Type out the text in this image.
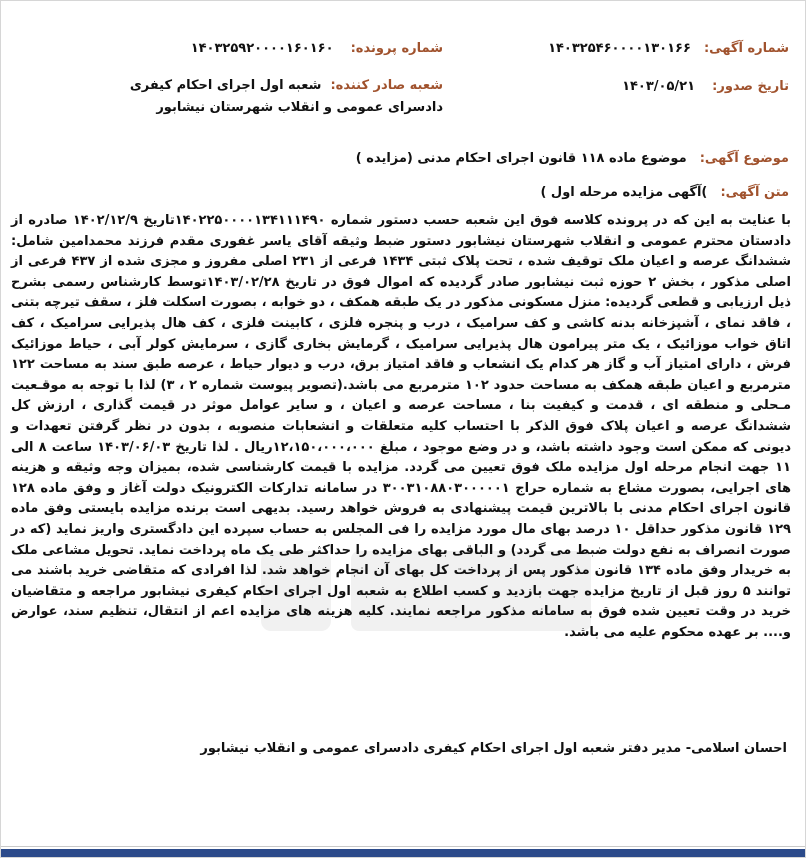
شماره آگهی: ۱۴۰۳۲۵۴۶۰۰۰۰۱۳۰۱۶۶
شماره پرونده: ۱۴۰۳۲۵۹۲۰۰۰۰۱۶۰۱۶۰
تاریخ صدور: ۱۴۰۳/۰۵/۲۱
شعبه صادر کننده: شعبه اول اجرای احکام کیفری دادسرای عمومی و انقلاب شهرستان نیشابور
موضوع آگهی: موضوع ماده ۱۱۸ قانون اجرای احکام مدنی (مزایده )
متن آگهی: )آگهی مزایده مرحله اول )
با عنایت به این که در پرونده کلاسه فوق این شعبه حسب دستور شماره ۱۴۰۲۲۵۰۰۰۰۱۳۴۱۱۱۴۹۰تاریخ ۱۴۰۲/۱۲/۹ صادره از دادستان محترم عمومی و انقلاب شهرستان نیشابور دستور ضبط وثیقه آقای یاسر غفوری مقدم فرزند محمدامین شامل: ششدانگ عرصه و اعیان ملک توقیف شده ، تحت پلاک ثبتی ۱۴۳۴ فرعی از ۲۳۱ اصلی مفروز و مجزی شده از ۴۳۷ فرعی از اصلی مذکور ، بخش ۲ حوزه ثبت نیشابور صادر گردیده که اموال فوق در تاریخ ۱۴۰۳/۰۲/۲۸توسط کارشناس رسمی بشرح ذیل ارزیابی و قطعی گردیده: منزل مسکونی مذکور در یک طبقه همکف ، دو خوابه ، بصورت اسکلت فلز ، سقف تیرچه بتنی ، فاقد نمای ، آشپزخانه بدنه کاشی و کف سرامیک ، درب و پنجره فلزی ، کابینت فلزی ، کف هال پذیرایی سرامیک ، کف اتاق خواب موزائیک ، یک متر پیرامون هال پذیرایی سرامیک ، گرمایش بخاری گازی ، سرمایش کولر آبی ، حیاط موزائیک فرش ، دارای امتیاز آب و گاز هر کدام یک انشعاب و فاقد امتیاز برق، درب و دیوار حیاط ، عرصه طبق سند به مساحت ۱۲۲ مترمربع و اعیان طبقه همکف به مساحت حدود ۱۰۲ مترمربع می باشد.(تصویر پیوست شماره ۲ ، ۳) لذا با توجه به موقـعیت مـحلی و منطقه ای ، قدمت و کیفیت بنا ، مساحت عرصه و اعیان ، و سایر عوامل موثر در قیمت گذاری ، ارزش کل ششدانگ عرصه و اعیان پلاک فوق الذکر با احتساب کلیه متعلقات و انشعابات منصوبه ، بدون در نظر گرفتن تعهدات و دیونی که ممکن است وجود داشته باشد، و در وضع موجود ، مبلغ ۱۲،۱۵۰،۰۰۰،۰۰۰ریال . لذا تاریخ ۱۴۰۳/۰۶/۰۳ ساعت ۸ الی ۱۱ جهت انجام مرحله اول مزایده ملک فوق تعیین می گردد. مزایده با قیمت کارشناسی شده، بمیزان وجه وثیقه و هزینه های اجرایی، بصورت مشاع به شماره حراج ۳۰۰۳۱۰۸۸۰۳۰۰۰۰۰۱ در سامانه تدارکات الکترونیک دولت آغاز و وفق ماده ۱۲۸ قانون اجرای احکام مدنی با بالاترین قیمت پیشنهادی به فروش خواهد رسید. بدیهی است برنده مزایده بایستی وفق ماده ۱۲۹ قانون مذکور حداقل ۱۰ درصد بهای مال مورد مزایده را فی المجلس به حساب سپرده این دادگستری واریز نماید (که در صورت انصراف به نفع دولت ضبط می گردد) و الباقی بهای مزایده را حداکثر طی یک ماه پرداخت نماید. تحویل مشاعی ملک به خریدار وفق ماده ۱۳۴ قانون مذکور پس از پرداخت کل بهای آن انجام خواهد شد. لذا افرادی که متقاضی خرید باشند می توانند ۵ روز قبل از تاریخ مزایده جهت بازدید و کسب اطلاع به شعبه اول اجرای احکام کیفری نیشابور مراجعه و متقاضیان خرید در وقت تعیین شده فوق به سامانه مذکور مراجعه نمایند. کلیه هزینه های مزایده اعم از انتقال، تنظیم سند، عوارض و.... بر عهده محکوم علیه می باشد.
احسان اسلامی- مدیر دفتر شعبه اول اجرای احکام کیفری دادسرای عمومی و انقلاب نیشابور
